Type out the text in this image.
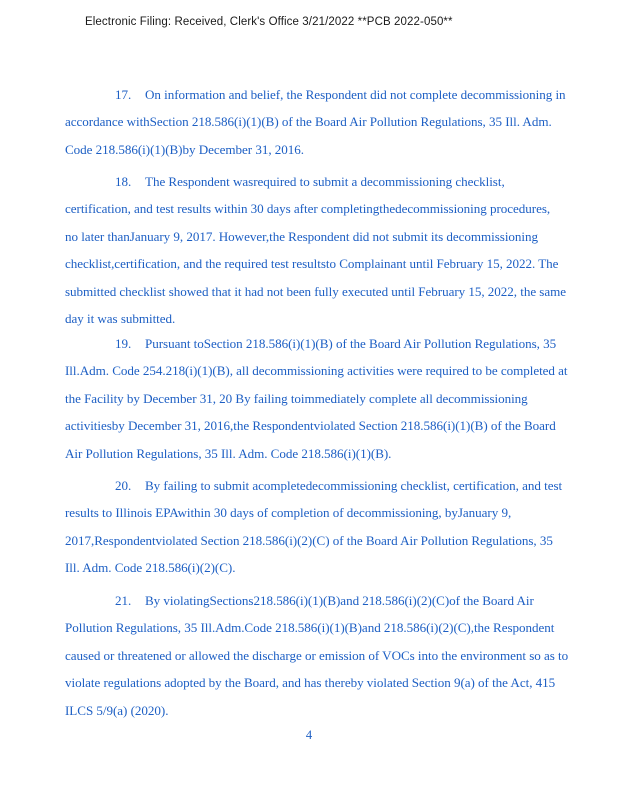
Electronic Filing: Received, Clerk's Office 3/21/2022 **PCB 2022-050**
17. On information and belief, the Respondent did not complete decommissioning in
accordance withSection 218.586(i)(1)(B) of the Board Air Pollution Regulations, 35 Ill. Adm.
Code 218.586(i)(1)(B)by December 31, 2016.
18. The Respondent wasrequired to submit a decommissioning checklist,
certification, and test results within 30 days after completingthedecommissioning procedures,
no later thanJanuary 9, 2017. However,the Respondent did not submit its decommissioning
checklist,certification, and the required test resultsto Complainant until February 15, 2022. The
submitted checklist showed that it had not been fully executed until February 15, 2022, the same
day it was submitted.
19. Pursuant toSection 218.586(i)(1)(B) of the Board Air Pollution Regulations, 35
Ill.Adm. Code 254.218(i)(1)(B), all decommissioning activities were required to be completed at
the Facility by December 31, 20 By failing toimmediately complete all decommissioning
activitiesby December 31, 2016,the Respondentviolated Section 218.586(i)(1)(B) of the Board
Air Pollution Regulations, 35 Ill. Adm. Code 218.586(i)(1)(B).
20. By failing to submit acompletedecommissioning checklist, certification, and test
results to Illinois EPAwithin 30 days of completion of decommissioning, byJanuary 9,
2017,Respondentviolated Section 218.586(i)(2)(C) of the Board Air Pollution Regulations, 35
Ill. Adm. Code 218.586(i)(2)(C).
21. By violatingSections218.586(i)(1)(B)and 218.586(i)(2)(C)of the Board Air
Pollution Regulations, 35 Ill.Adm.Code 218.586(i)(1)(B)and 218.586(i)(2)(C),the Respondent
caused or threatened or allowed the discharge or emission of VOCs into the environment so as to
violate regulations adopted by the Board, and has thereby violated Section 9(a) of the Act, 415
ILCS 5/9(a) (2020).
4
